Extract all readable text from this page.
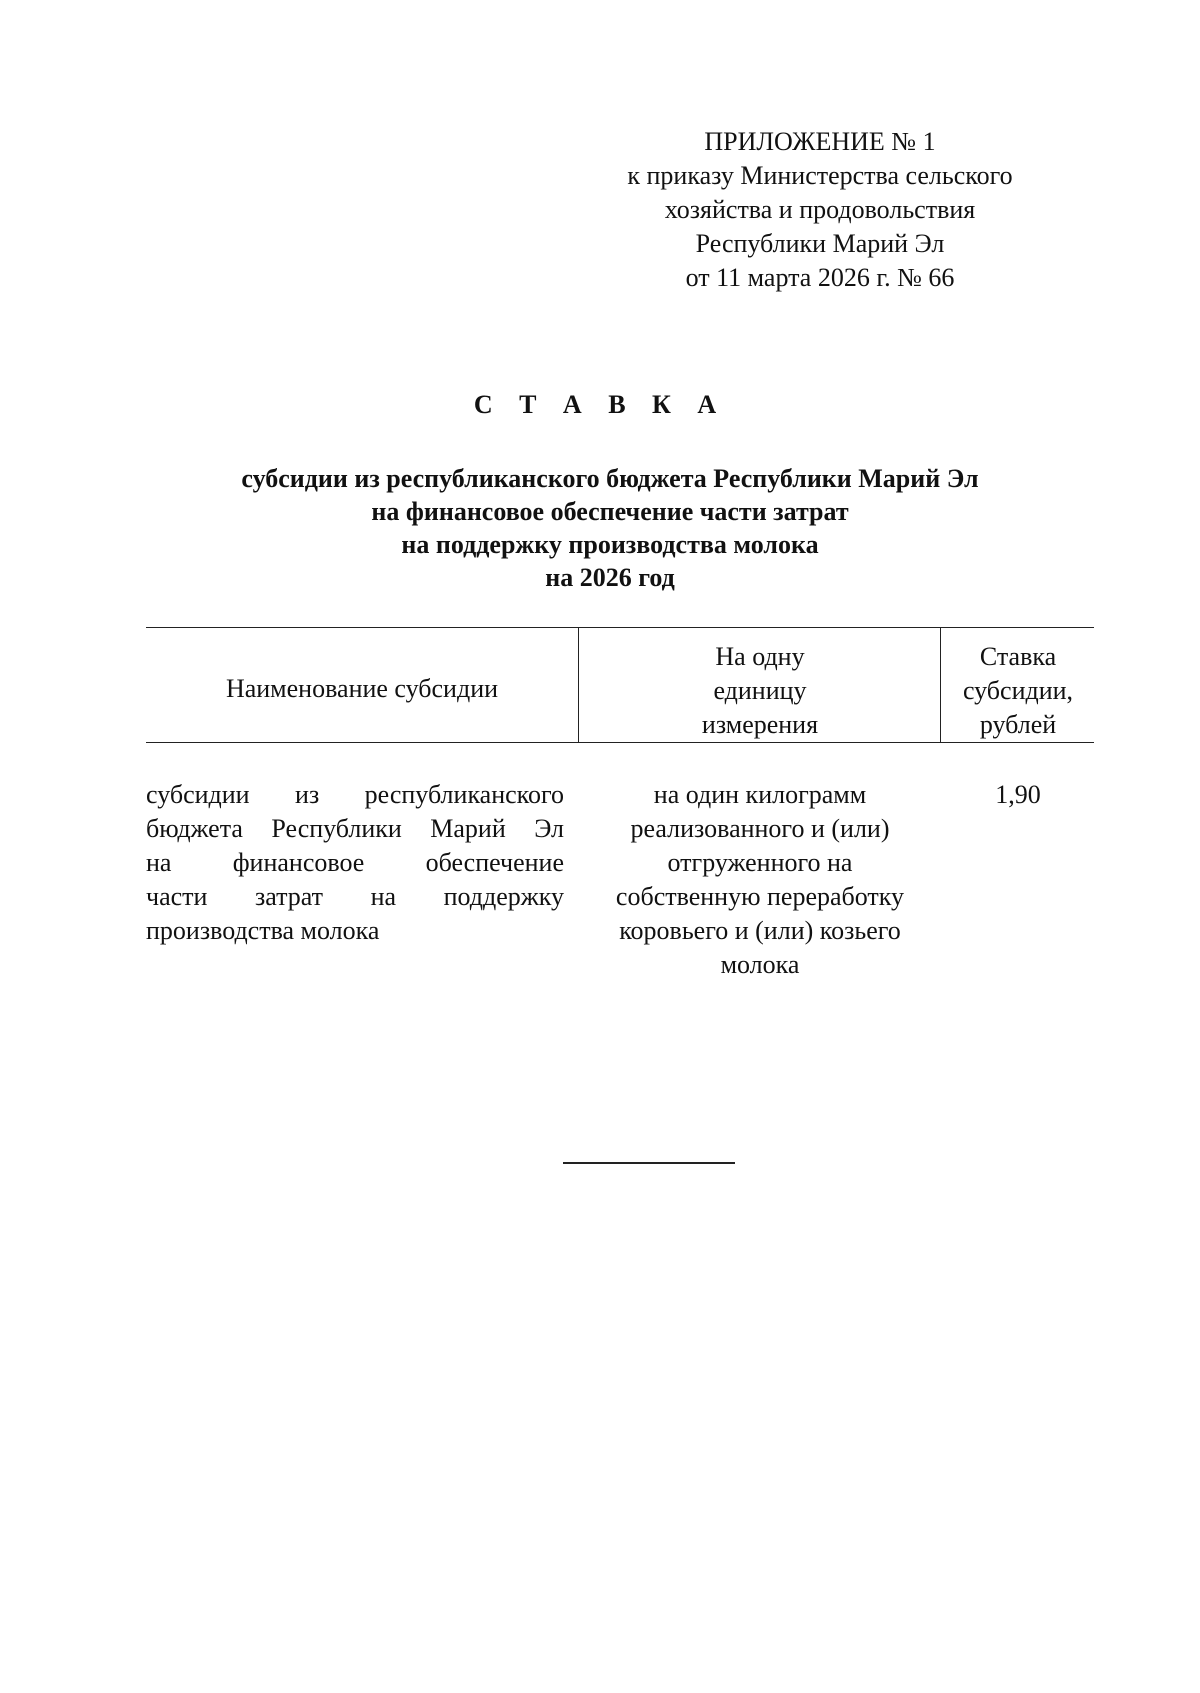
ПРИЛОЖЕНИЕ № 1
к приказу Министерства сельского
хозяйства и продовольствия
Республики Марий Эл
от 11 марта 2026 г. № 66
С Т А В К А
субсидии из республиканского бюджета Республики Марий Эл
на финансовое обеспечение части затрат
на поддержку производства молока
на 2026 год
Наименование субсидии
На одну
единицу
измерения
Ставка
субсидии,
рублей
субсидии из республиканского
бюджета Республики Марий Эл
на финансовое обеспечение
части затрат на поддержку
производства молока
на один килограмм
реализованного и (или)
отгруженного на
собственную переработку
коровьего и (или) козьего
молока
1,90
